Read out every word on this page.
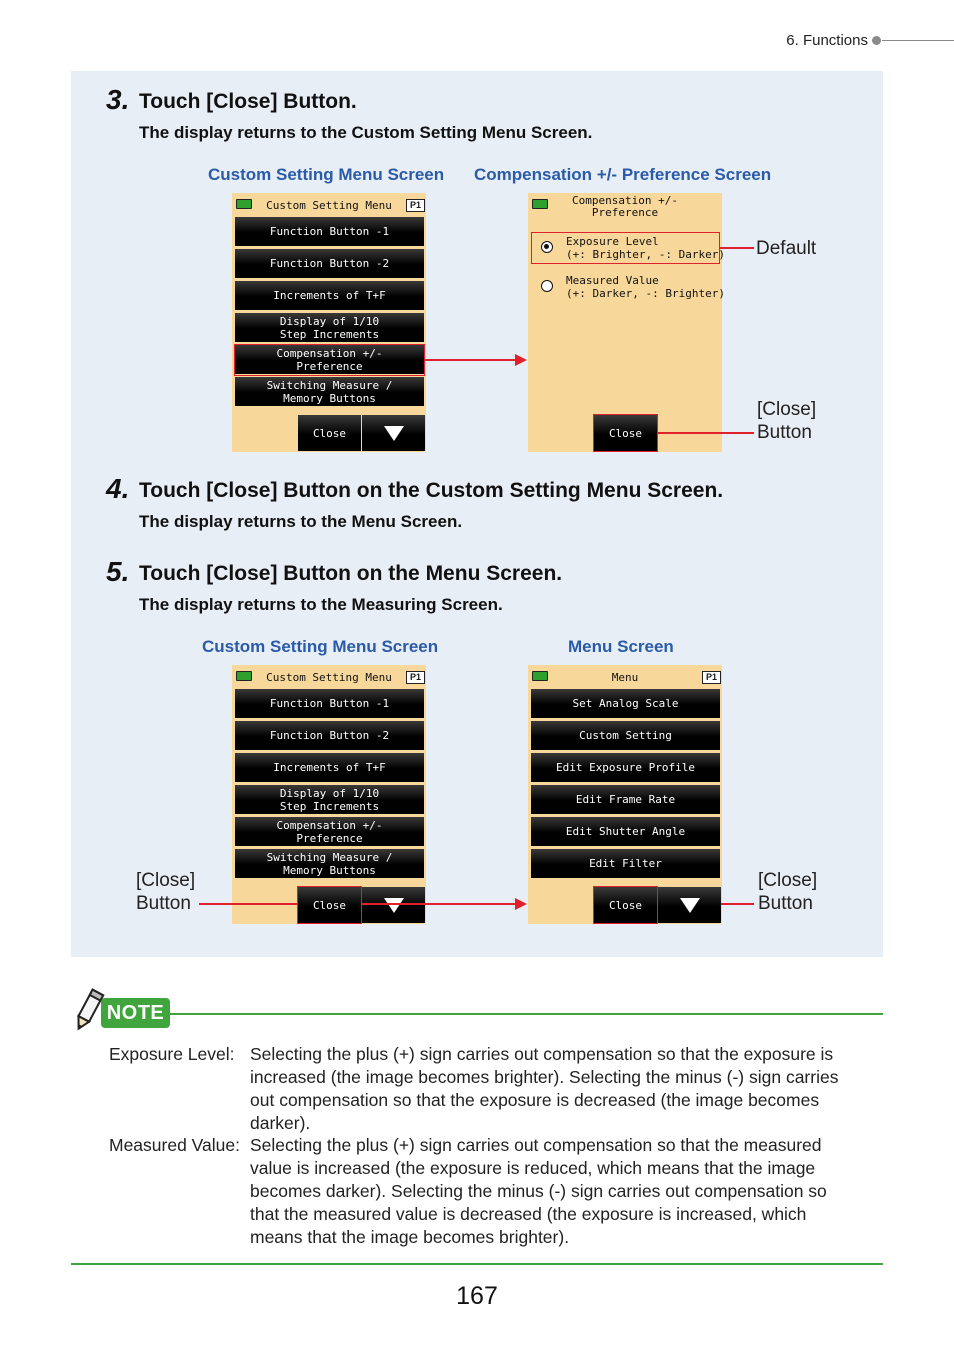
6. Functions
3. Touch [Close] Button.
The display returns to the Custom Setting Menu Screen.
Custom Setting Menu Screen Compensation +/- Preference Screen
Custom Setting Menu	P1
Function Button -1
Function Button -2
Increments of T+F
Display of 1/10
Step Increments
Compensation +/-
Preference
Switching Measure /
Memory Buttons
Close
Compensation +/-
Preference
Exposure Level
(+: Brighter, -: Darker)
Measured Value
(+: Darker, -: Brighter)
Close
Default
[Close]
Button
4. Touch [Close] Button on the Custom Setting Menu Screen.
The display returns to the Menu Screen.
5. Touch [Close] Button on the Menu Screen.
The display returns to the Measuring Screen.
Custom Setting Menu Screen	Menu Screen
Custom Setting Menu	P1
Function Button -1
Function Button -2
Increments of T+F
Display of 1/10
Step Increments
Compensation +/-
Preference
Switching Measure /
Memory Buttons
Close
[Close]
Button
Menu	P1
Set Analog Scale
Custom Setting
Edit Exposure Profile
Edit Frame Rate
Edit Shutter Angle
Edit Filter
Close
[Close]
Button
NOTE
Exposure Level: Selecting the plus (+) sign carries out compensation so that the exposure is increased (the image becomes brighter). Selecting the minus (-) sign carries out compensation so that the exposure is decreased (the image becomes darker).
Measured Value: Selecting the plus (+) sign carries out compensation so that the measured value is increased (the exposure is reduced, which means that the image becomes darker). Selecting the minus (-) sign carries out compensation so that the measured value is decreased (the exposure is increased, which means that the image becomes brighter).
167
